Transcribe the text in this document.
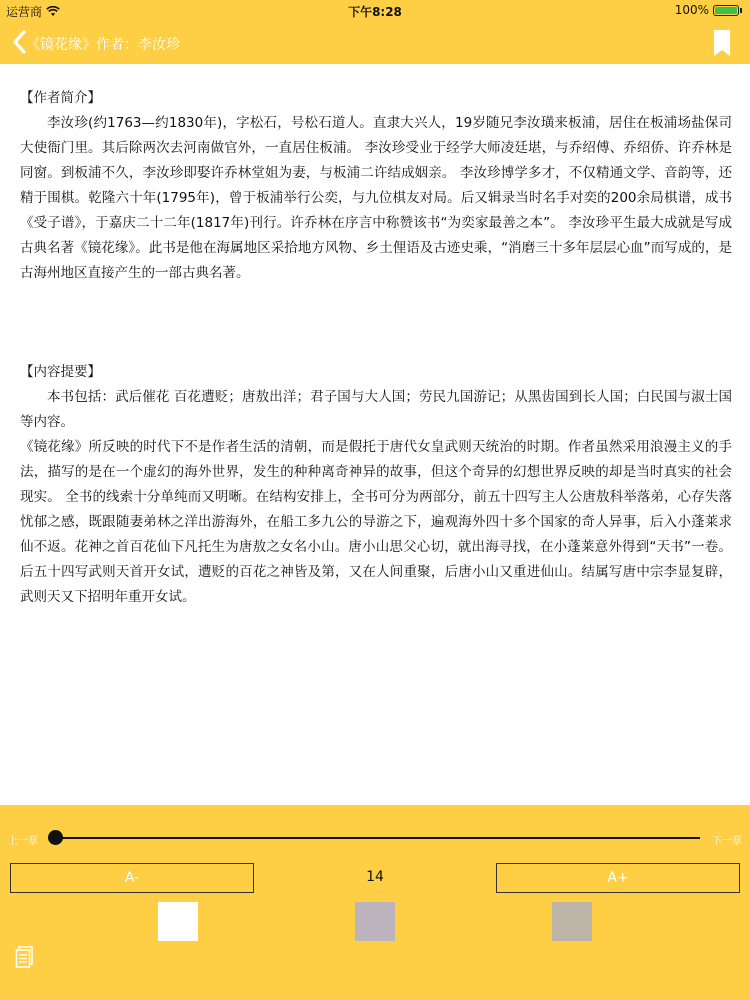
运营商	下午8:28	100%
《镜花缘》作者：李汝珍
【作者简介】
李汝珍(约1763—约1830年)，字松石，号松石道人。直隶大兴人，19岁随兄李汝璜来板浦，居住在板浦场盐保司大使衙门里。其后除两次去河南做官外，一直居住板浦。 李汝珍受业于经学大师凌廷堪，与乔绍傅、乔绍侨、许乔林是同窗。到板浦不久，李汝珍即娶许乔林堂姐为妻，与板浦二许结成姻亲。 李汝珍博学多才，不仅精通文学、音韵等，还精于围棋。乾隆六十年(1795年)，曾于板浦举行公奕，与九位棋友对局。后又辑录当时名手对奕的200余局棋谱，成书《受子谱》，于嘉庆二十二年(1817年)刊行。许乔林在序言中称赞该书“为奕家最善之本”。 李汝珍平生最大成就是写成古典名著《镜花缘》。此书是他在海属地区采拾地方风物、乡土俚语及古迹史乘，“消磨三十多年层层心血”而写成的，是古海州地区直接产生的一部古典名著。
【内容提要】
本书包括：武后催花 百花遭贬；唐敖出洋；君子国与大人国；劳民九国游记；从黑齿国到长人国；白民国与淑士国等内容。
《镜花缘》所反映的时代下不是作者生活的清朝，而是假托于唐代女皇武则天统治的时期。作者虽然采用浪漫主义的手法，描写的是在一个虚幻的海外世界，发生的种种离奇神异的故事，但这个奇异的幻想世界反映的却是当时真实的社会现实。 全书的线索十分单纯而又明晰。在结构安排上，全书可分为两部分，前五十四写主人公唐敖科举落弟，心存失落忧郁之感，既跟随妻弟林之洋出游海外，在船工多九公的导游之下，遍观海外四十多个国家的奇人异事，后入小蓬莱求仙不返。花神之首百花仙下凡托生为唐敖之女名小山。唐小山思父心切，就出海寻找，在小蓬莱意外得到“天书”一卷。后五十四写武则天首开女试，遭贬的百花之神皆及第，又在人间重聚，后唐小山又重进仙山。结属写唐中宗李显复辟，武则天又下招明年重开女试。
上一章	下一章
A-	14	A+
